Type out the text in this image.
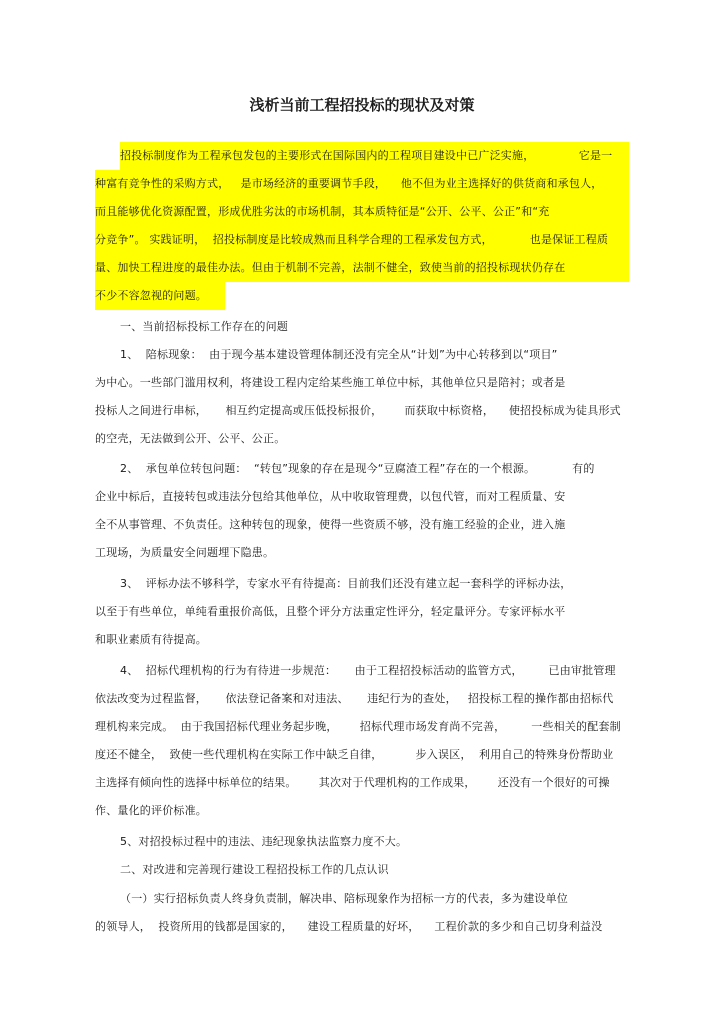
浅析当前工程招投标的现状及对策
招投标制度作为工程承包发包的主要形式在国际国内的工程项目建设中已广泛实施，            它是一
种富有竞争性的采购方式，   是市场经济的重要调节手段，    他不但为业主选择好的供货商和承包人，
而且能够优化资源配置，形成优胜劣汰的市场机制，其本质特征是“公开、公平、公正”和“充
分竞争”。 实践证明，  招投标制度是比较成熟而且科学合理的工程承发包方式，          也是保证工程质
量、加快工程进度的最佳办法。但由于机制不完善，法制不健全，致使当前的招投标现状仍存在
不少不容忽视的问题。
一、当前招标投标工作存在的问题
1、  陪标现象：  由于现今基本建设管理体制还没有完全从“计划”为中心转移到以“项目”
为中心。一些部门滥用权利，将建设工程内定给某些施工单位中标，其他单位只是陪衬；或者是
投标人之间进行串标，     相互约定提高或压低投标报价，      而获取中标资格，    使招投标成为徒具形式
的空壳，无法做到公开、公平、公正。
2、  承包单位转包问题：  “转包”现象的存在是现今“豆腐渣工程”存在的一个根源。          有的
企业中标后，直接转包或违法分包给其他单位，从中收取管理费，以包代管，而对工程质量、安
全不从事管理、不负责任。这种转包的现象，使得一些资质不够，没有施工经验的企业，进入施
工现场，为质量安全问题埋下隐患。
3、  评标办法不够科学，专家水平有待提高：目前我们还没有建立起一套科学的评标办法，
以至于有些单位，单纯看重报价高低，且整个评分方法重定性评分，轻定量评分。专家评标水平
和职业素质有待提高。
4、  招标代理机构的行为有待进一步规范：     由于工程招投标活动的监管方式，       已由审批管理
依法改变为过程监督，     依法登记备案和对违法、     违纪行为的查处，   招投标工程的操作都由招标代
理机构来完成。  由于我国招标代理业务起步晚，      招标代理市场发育尚不完善，       一些相关的配套制
度还不健全，  致使一些代理机构在实际工作中缺乏自律，         步入误区，  利用自己的特殊身份帮助业
主选择有倾向性的选择中标单位的结果。      其次对于代理机构的工作成果，      还没有一个很好的可操
作、量化的评价标准。
5、对招投标过程中的违法、违纪现象执法监察力度不大。
二、对改进和完善现行建设工程招投标工作的几点认识
（一）实行招标负责人终身负责制，解决串、陪标现象作为招标一方的代表，多为建设单位
的领导人，  投资所用的钱都是国家的，    建设工程质量的好坏，    工程价款的多少和自己切身利益没
